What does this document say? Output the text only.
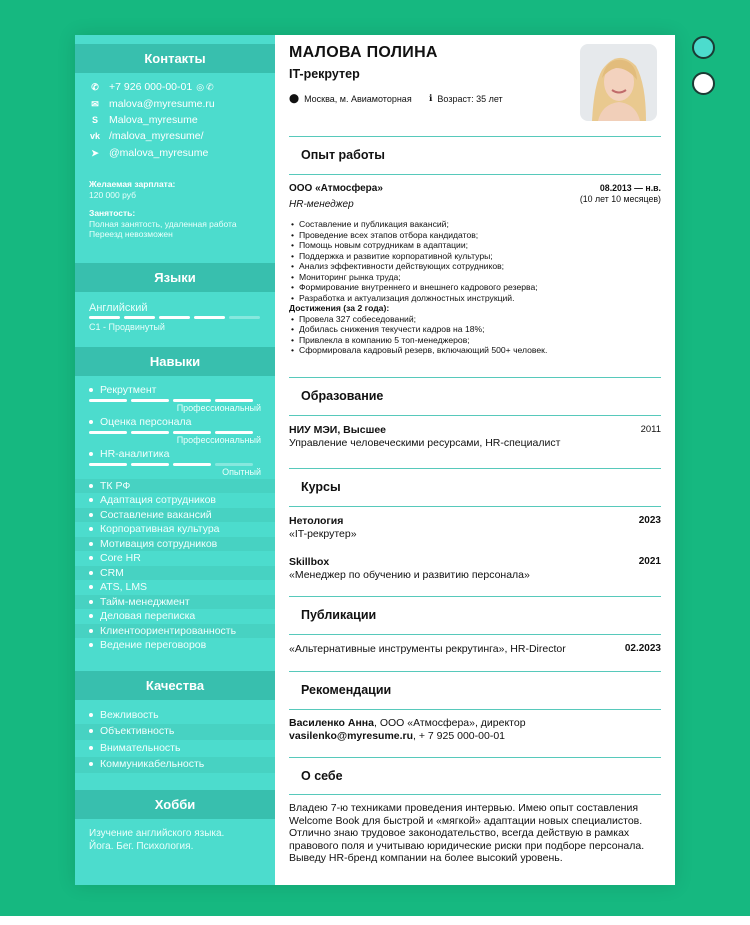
Контакты
✆ +7 926 000-00-01 ◎ ✆
✉ malova@myresume.ru
S Malova_myresume
vk /malova_myresume/
➤ @malova_myresume
Желаемая зарплата:
120 000 руб
Занятость:
Полная занятость, удаленная работа
Переезд невозможен
Языки
Английский
C1 - Продвинутый
Навыки
Рекрутмент
Профессиональный
Оценка персонала
Профессиональный
HR-аналитика
Опытный
ТК РФ
Адаптация сотрудников
Составление вакансий
Корпоративная культура
Мотивация сотрудников
Core HR
CRM
ATS, LMS
Тайм-менеджмент
Деловая переписка
Клиентоориентированность
Ведение переговоров
Качества
Вежливость
Объективность
Внимательность
Коммуникабельность
Хобби
Изучение английского языка.
Йога. Бег. Психология.
МАЛОВА ПОЛИНА
IT-рекрутер
⬤ Москва, м. Авиамоторная ℹ Возраст: 35 лет
Опыт работы
ООО «Атмосфера»	08.2013 — н.в.
(10 лет 10 месяцев)
HR-менеджер
• Составление и публикация вакансий;
• Проведение всех этапов отбора кандидатов;
• Помощь новым сотрудникам в адаптации;
• Поддержка и развитие корпоративной культуры;
• Анализ эффективности действующих сотрудников;
• Мониторинг рынка труда;
• Формирование внутреннего и внешнего кадрового резерва;
• Разработка и актуализация должностных инструкций.
Достижения (за 2 года):
• Провела 327 собеседований;
• Добилась снижения текучести кадров на 18%;
• Привлекла в компанию 5 топ-менеджеров;
• Сформировала кадровый резерв, включающий 500+ человек.
Образование
НИУ МЭИ, Высшее	2011
Управление человеческими ресурсами, HR-специалист
Курсы
Нетология	2023
«IT-рекрутер»
Skillbox	2021
«Менеджер по обучению и развитию персонала»
Публикации
«Альтернативные инструменты рекрутинга», HR-Director	02.2023
Рекомендации
Василенко Анна, ООО «Атмосфера», директор
vasilenko@myresume.ru, + 7 925 000-00-01
О себе
Владею 7-ю техниками проведения интервью. Имею опыт составления Welcome Book для быстрой и «мягкой» адаптации новых специалистов. Отлично знаю трудовое законодательство, всегда действую в рамках правового поля и учитываю юридические риски при подборе персонала. Выведу HR-бренд компании на более высокий уровень.
